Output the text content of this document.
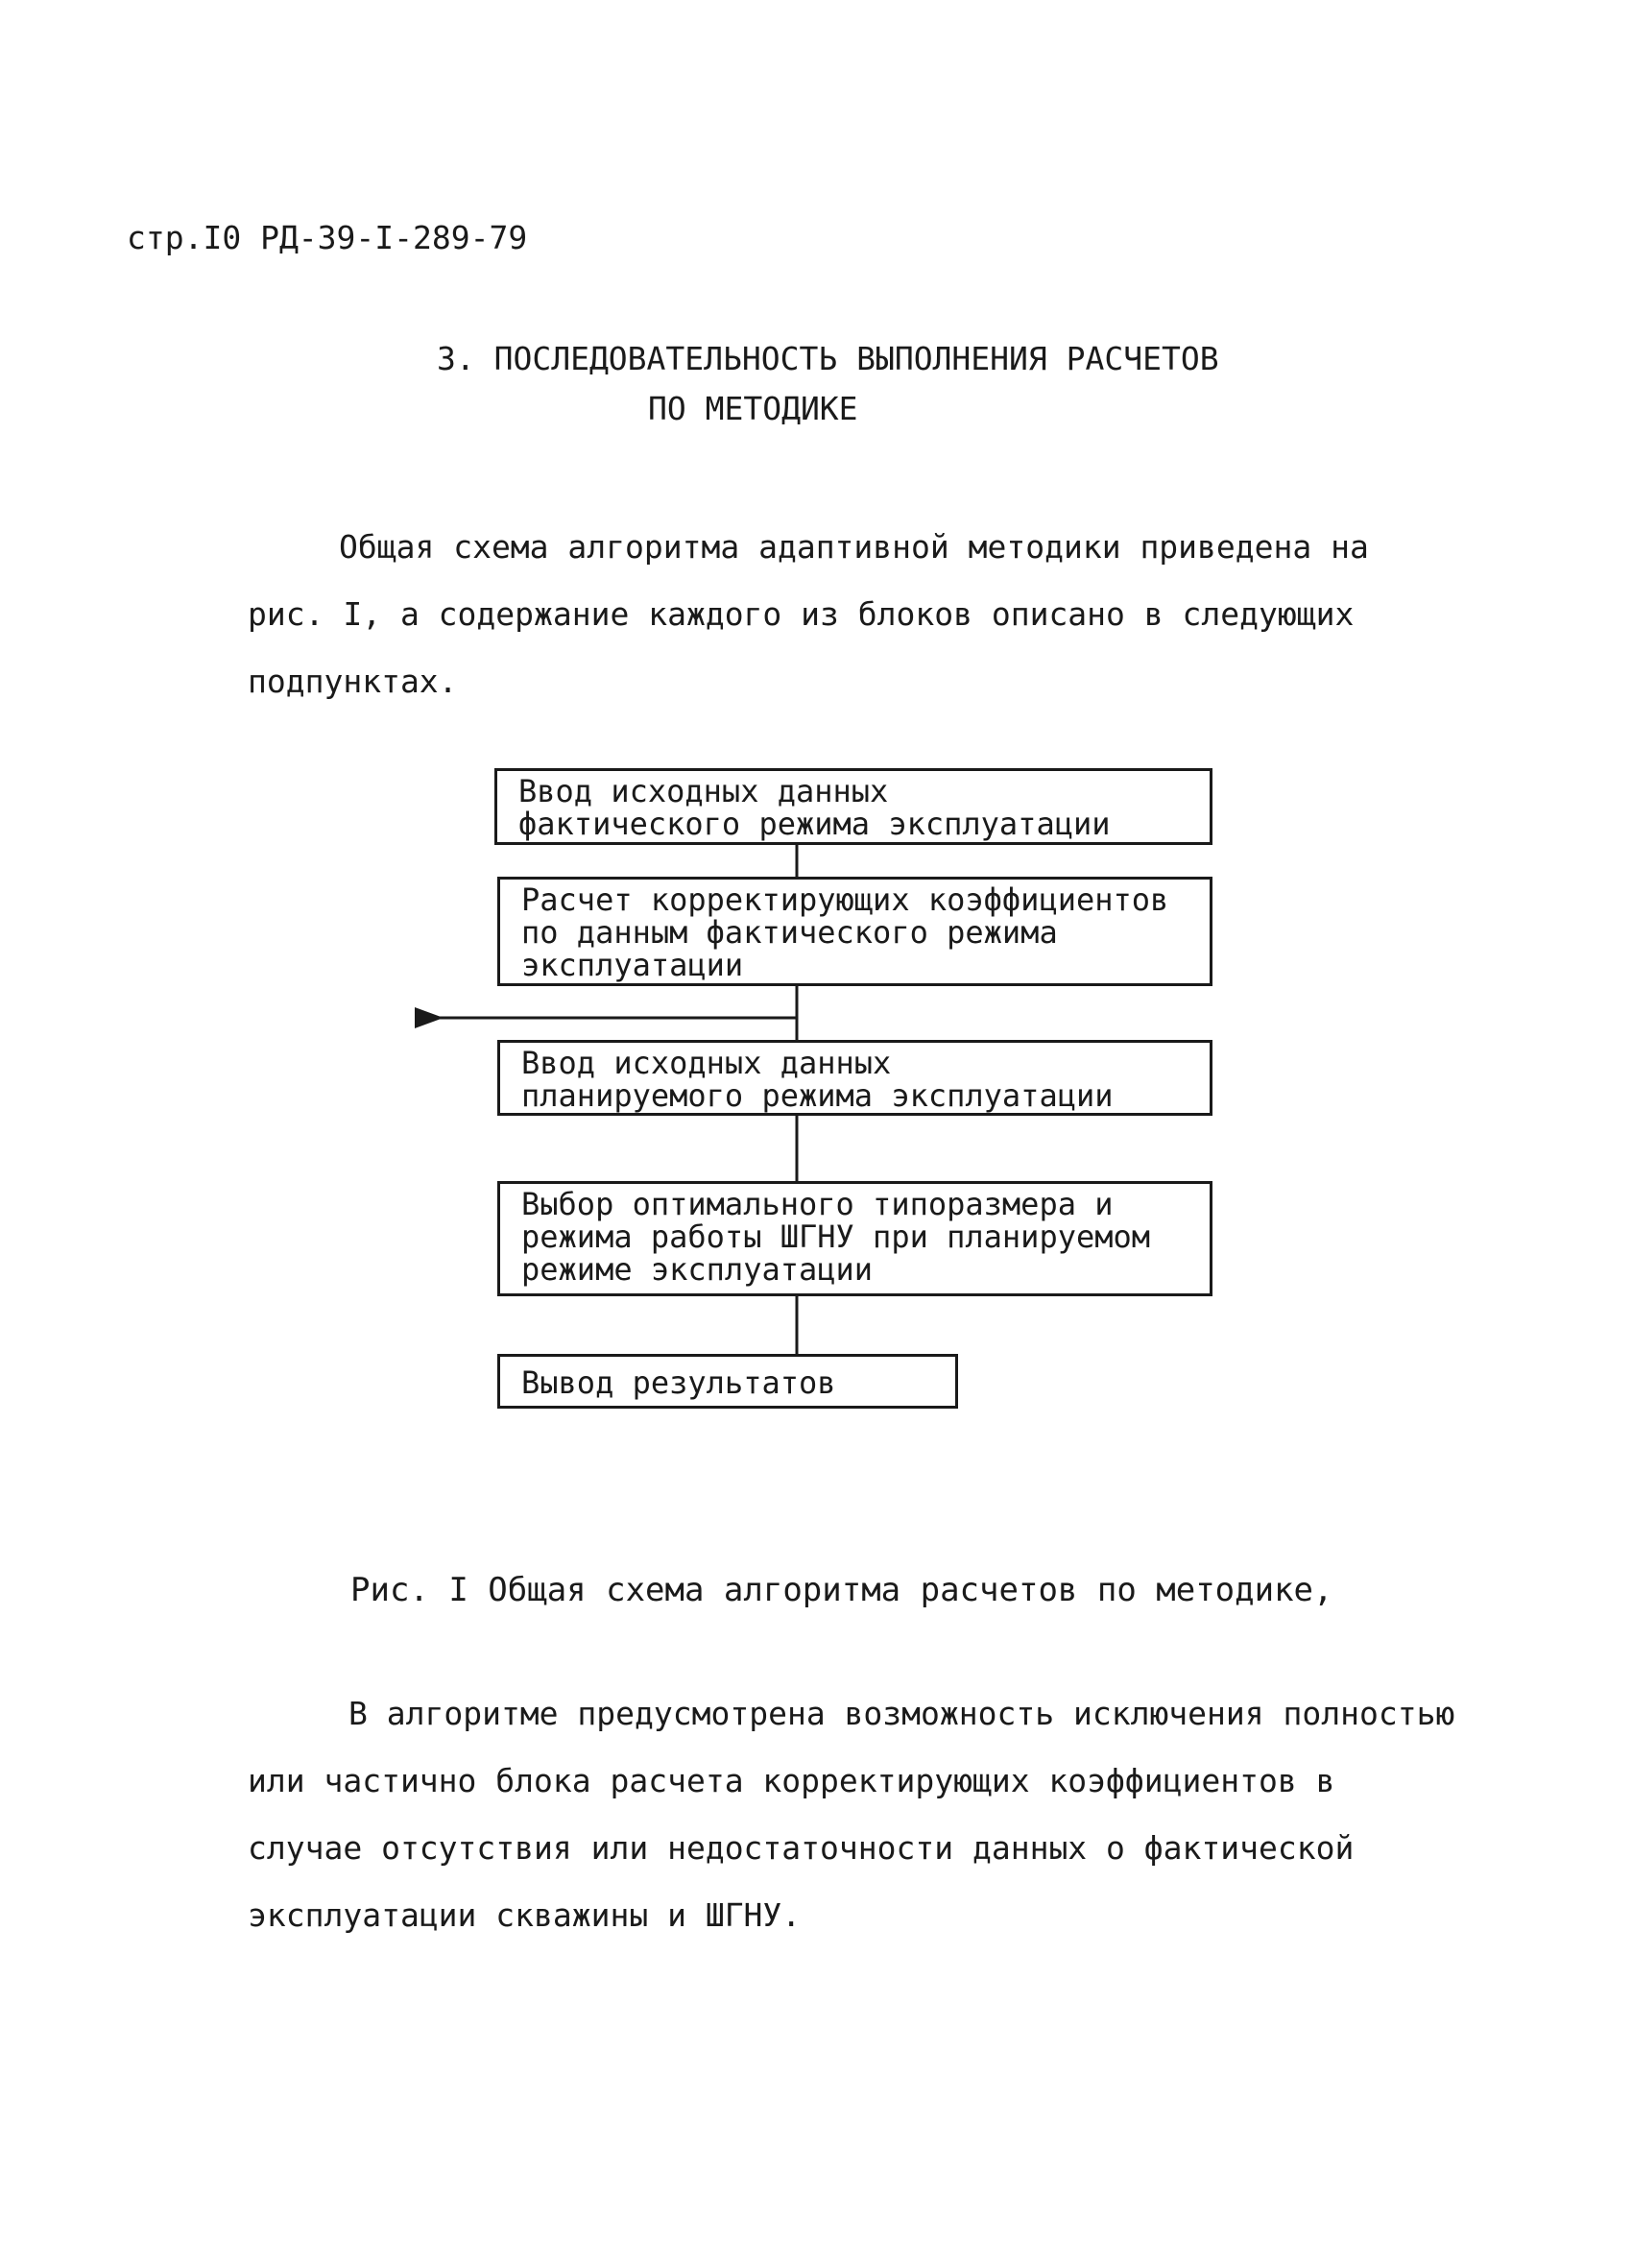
стр.I0 РД-39-I-289-79
3. ПОСЛЕДОВАТЕЛЬНОСТЬ ВЫПОЛНЕНИЯ РАСЧЕТОВ
ПО МЕТОДИКЕ
Общая схема алгоритма адаптивной методики приведена на
рис. I, а содержание каждого из блоков описано в следующих
подпунктах.
Ввод исходных данных
фактического режима эксплуатации
Расчет корректирующих коэффициентов
по данным фактического режима
эксплуатации
Ввод исходных данных
планируемого режима эксплуатации
Выбор оптимального типоразмера и
режима работы ШГНУ при планируемом
режиме эксплуатации
Вывод результатов
Рис. I Общая схема алгоритма расчетов по методике,
В алгоритме предусмотрена возможность исключения полностью
или частично блока расчета корректирующих коэффициентов в
случае отсутствия или недостаточности данных о фактической
эксплуатации скважины и ШГНУ.
